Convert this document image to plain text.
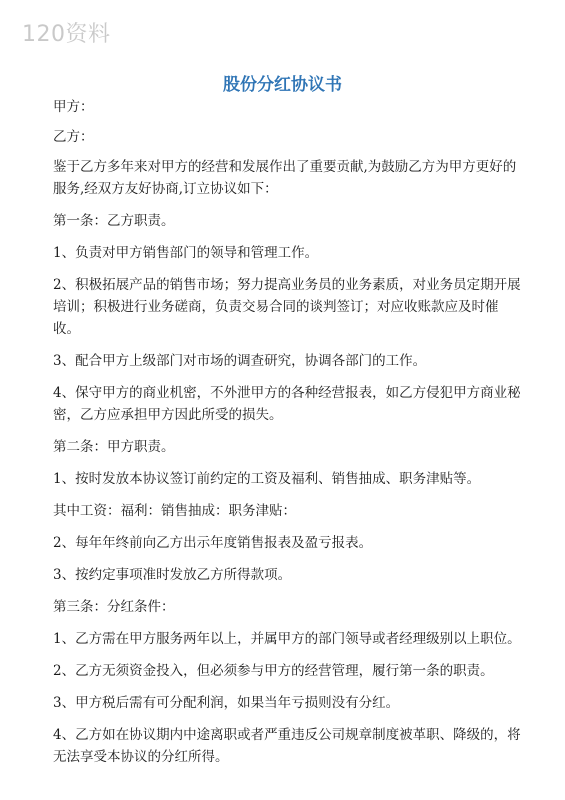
120资料
股份分红协议书

甲方：

乙方：

鉴于乙方多年来对甲方的经营和发展作出了重要贡献,为鼓励乙方为甲方更好的服务,经双方友好协商,订立协议如下：

第一条：乙方职责。

1、负责对甲方销售部门的领导和管理工作。

2、积极拓展产品的销售市场；努力提高业务员的业务素质，对业务员定期开展培训；积极进行业务磋商，负责交易合同的谈判签订；对应收账款应及时催收。

3、配合甲方上级部门对市场的调查研究，协调各部门的工作。

4、保守甲方的商业机密，不外泄甲方的各种经营报表，如乙方侵犯甲方商业秘密，乙方应承担甲方因此所受的损失。

第二条：甲方职责。

1、按时发放本协议签订前约定的工资及福利、销售抽成、职务津贴等。

其中工资：福利：销售抽成：职务津贴：

2、每年年终前向乙方出示年度销售报表及盈亏报表。

3、按约定事项准时发放乙方所得款项。

第三条：分红条件：

1、乙方需在甲方服务两年以上，并属甲方的部门领导或者经理级别以上职位。

2、乙方无须资金投入，但必须参与甲方的经营管理，履行第一条的职责。

3、甲方税后需有可分配利润，如果当年亏损则没有分红。

4、乙方如在协议期内中途离职或者严重违反公司规章制度被革职、降级的，将无法享受本协议的分红所得。
